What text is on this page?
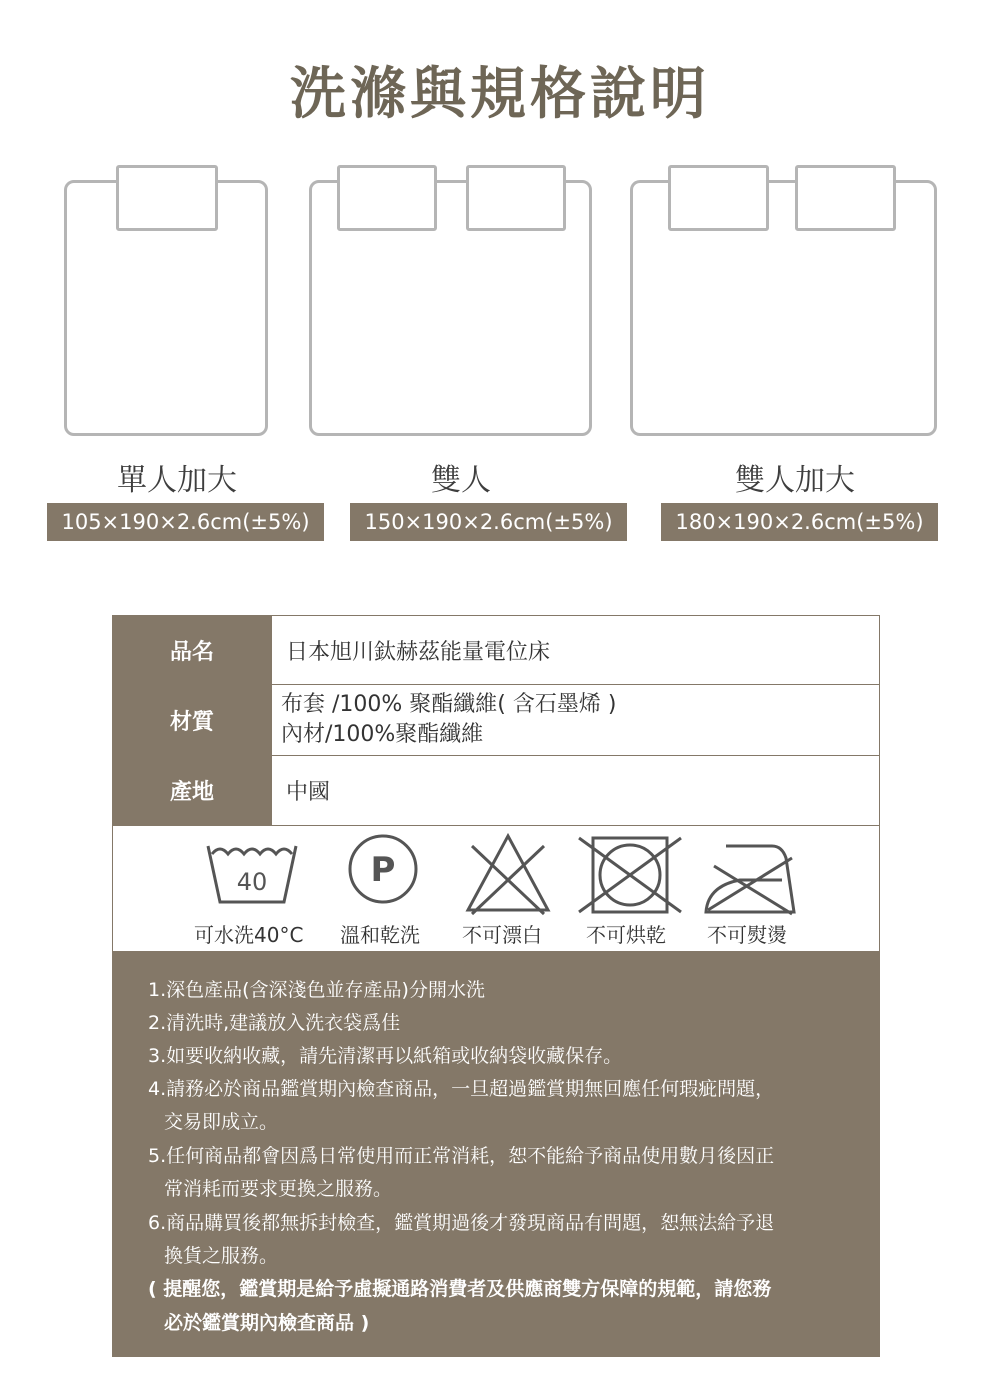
洗滌與規格說明
單人加大	雙人	雙人加大
105×190×2.6cm(±5%)	150×190×2.6cm(±5%)	180×190×2.6cm(±5%)
品名	日本旭川鈦赫茲能量電位床
材質	布套 /100% 聚酯纖維( 含石墨烯 )
內材/100%聚酯纖維

產地	中國
40	P
可水洗40°C 溫和乾洗 不可漂白 不可烘乾 不可熨燙
1.深色產品(含深淺色並存產品)分開水洗
2.清洗時,建議放入洗衣袋爲佳
3.如要收納收藏，請先清潔再以紙箱或收納袋收藏保存。
4.請務必於商品鑑賞期內檢查商品，一旦超過鑑賞期無回應任何瑕疵問題，
交易即成立。
5.任何商品都會因爲日常使用而正常消耗，恕不能給予商品使用數月後因正
常消耗而要求更換之服務。
6.商品購買後都無拆封檢查，鑑賞期過後才發現商品有問題，恕無法給予退
換貨之服務。
( 提醒您，鑑賞期是給予虛擬通路消費者及供應商雙方保障的規範，請您務
必於鑑賞期內檢查商品 )
